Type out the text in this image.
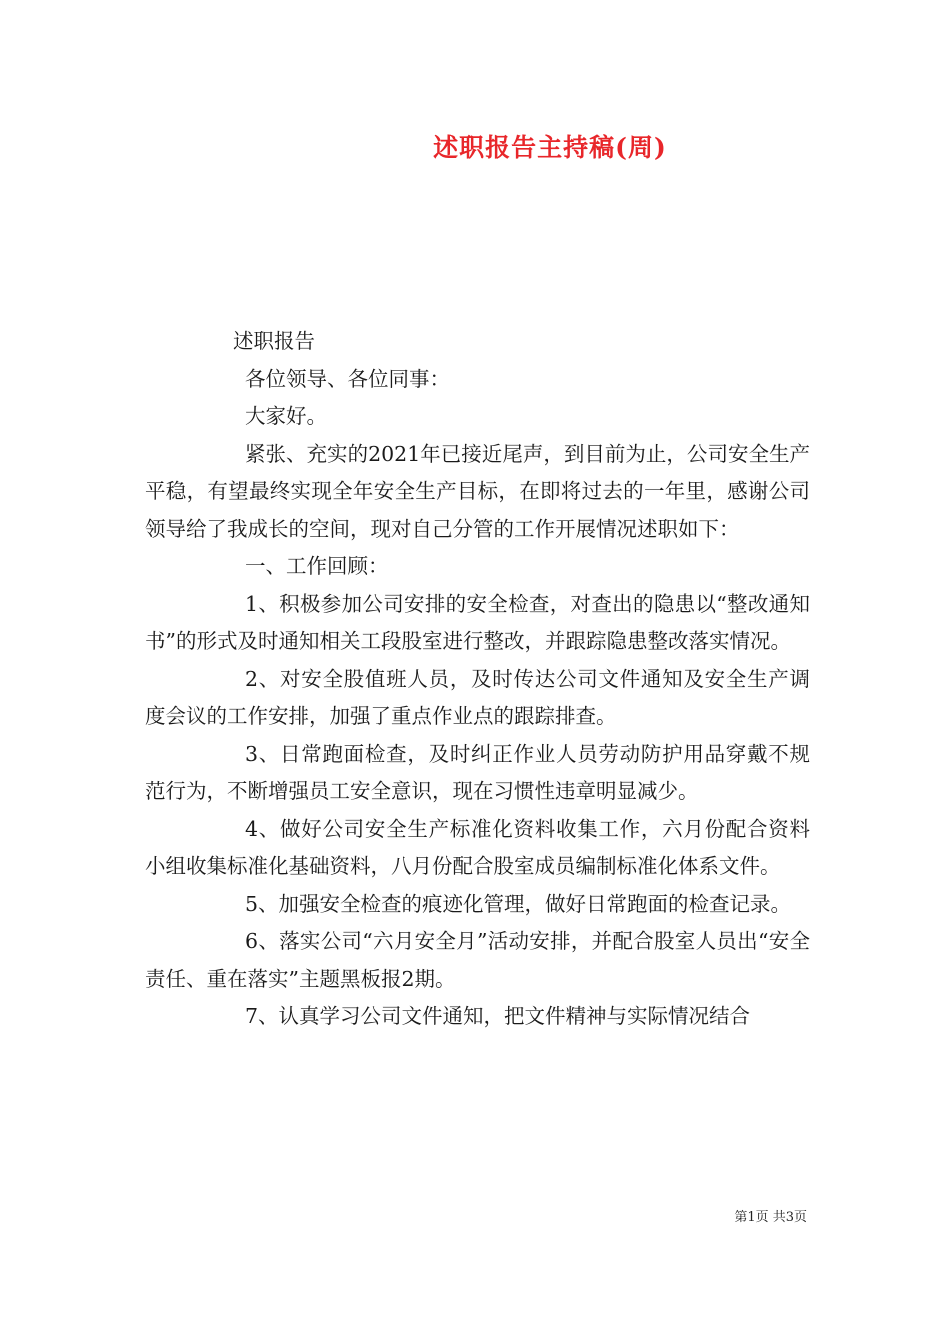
述职报告主持稿(周)

述职报告

各位领导、各位同事：

大家好。

紧张、充实的2021年已接近尾声，到目前为止，公司安全生产平稳，有望最终实现全年安全生产目标，在即将过去的一年里，感谢公司领导给了我成长的空间，现对自己分管的工作开展情况述职如下：

一、工作回顾：

1、积极参加公司安排的安全检查，对查出的隐患以“整改通知书”的形式及时通知相关工段股室进行整改，并跟踪隐患整改落实情况。

2、对安全股值班人员，及时传达公司文件通知及安全生产调度会议的工作安排，加强了重点作业点的跟踪排查。

3、日常跑面检查，及时纠正作业人员劳动防护用品穿戴不规范行为，不断增强员工安全意识，现在习惯性违章明显减少。

4、做好公司安全生产标准化资料收集工作，六月份配合资料小组收集标准化基础资料，八月份配合股室成员编制标准化体系文件。

5、加强安全检查的痕迹化管理，做好日常跑面的检查记录。

6、落实公司“六月安全月”活动安排，并配合股室人员出“安全责任、重在落实”主题黑板报2期。

7、认真学习公司文件通知，把文件精神与实际情况结合

第1页 共3页
